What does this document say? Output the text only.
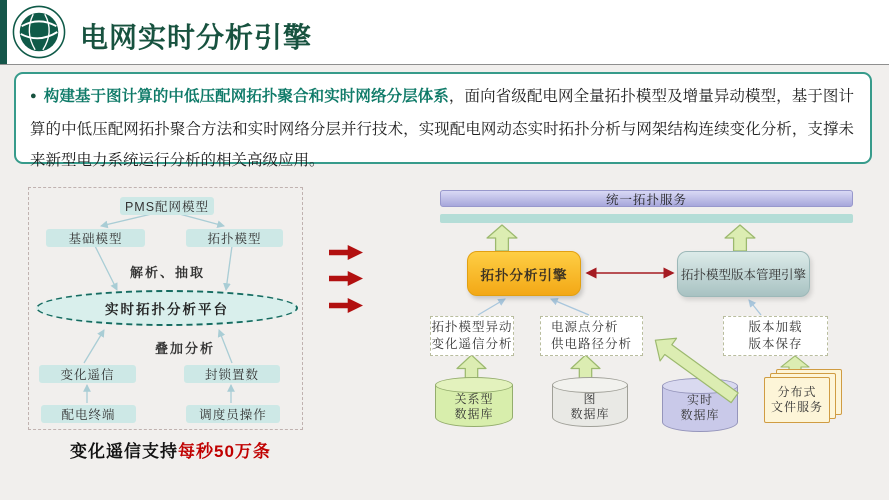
电网实时分析引擎
● 构建基于图计算的中低压配网拓扑聚合和实时网络分层体系，面向省级配电网全量拓扑模型及增量异动模型，基于图计算的中低压配网拓扑聚合方法和实时网络分层并行技术，实现配电网动态实时拓扑分析与网架结构连续变化分析，支撑未来新型电力系统运行分析的相关高级应用。
PMS配网模型
基础模型	拓扑模型
解析、抽取
实时拓扑分析平台
叠加分析
变化遥信	封锁置数
配电终端	调度员操作
变化遥信支持每秒50万条
统一拓扑服务
拓扑分析引擎	拓扑模型版本管理引擎
拓扑模型异动
变化遥信分析
电源点分析
供电路径分析
版本加载
版本保存
关系型
数据库
图
数据库
实时
数据库
分布式
文件服务
